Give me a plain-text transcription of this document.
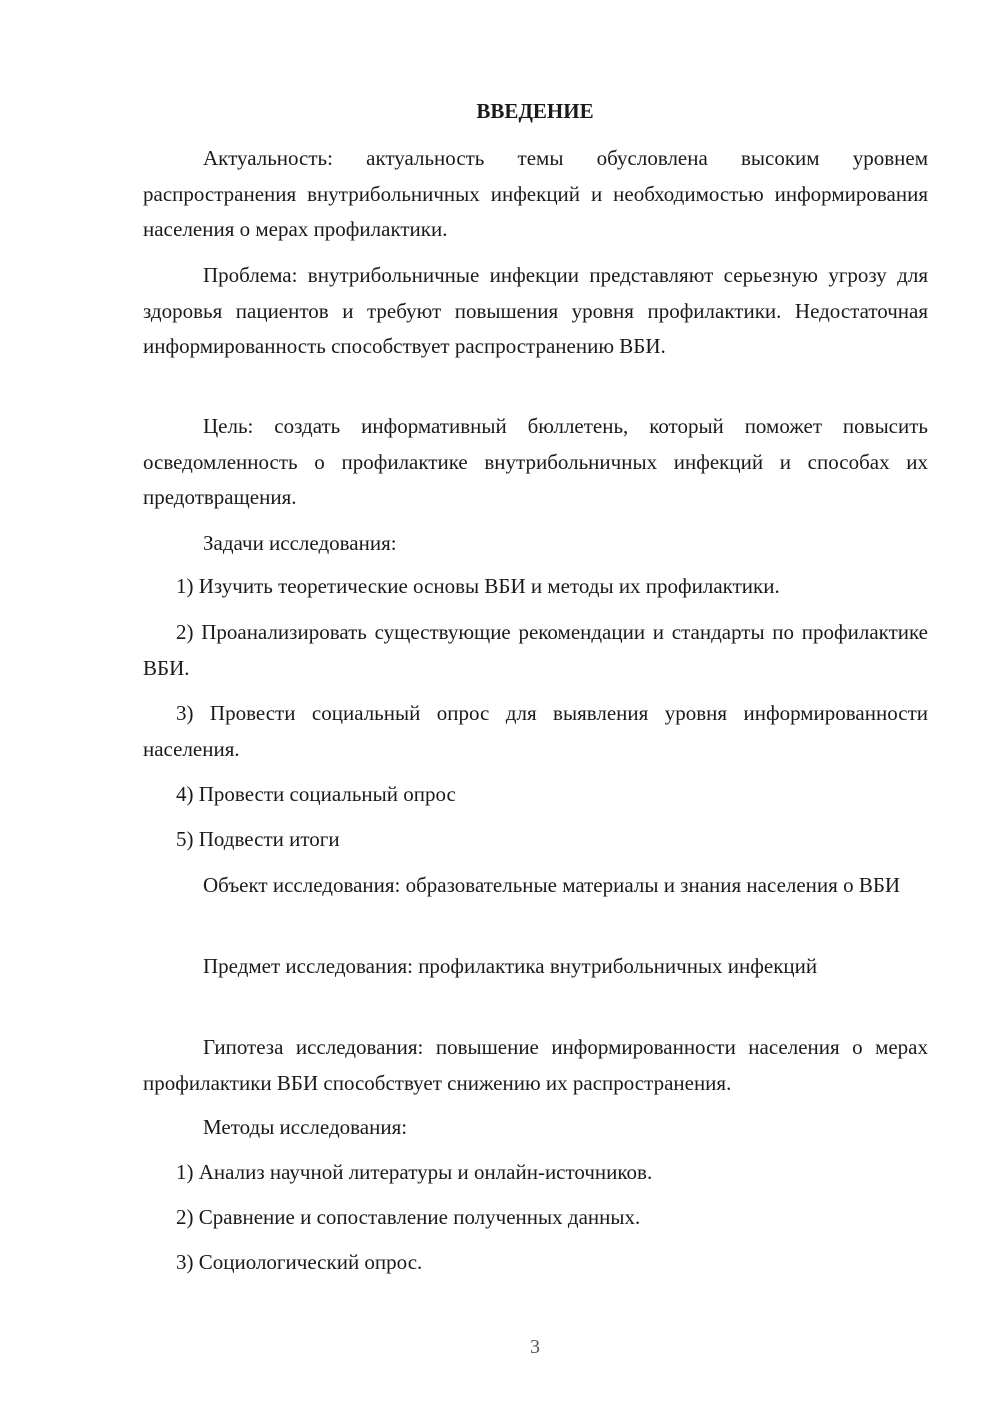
ВВЕДЕНИЕ

Актуальность: актуальность темы обусловлена высоким уровнем распространения внутрибольничных инфекций и необходимостью информирования населения о мерах профилактики.

Проблема: внутрибольничные инфекции представляют серьезную угрозу для здоровья пациентов и требуют повышения уровня профилактики. Недостаточная информированность способствует распространению ВБИ.

Цель: создать информативный бюллетень, который поможет повысить осведомленность о профилактике внутрибольничных инфекций и способах их предотвращения.

Задачи исследования:

1) Изучить теоретические основы ВБИ и методы их профилактики.

2) Проанализировать существующие рекомендации и стандарты по профилактике ВБИ.

3) Провести социальный опрос для выявления уровня информированности населения.

4) Провести социальный опрос

5) Подвести итоги

Объект исследования: образовательные материалы и знания населения о ВБИ

Предмет исследования: профилактика внутрибольничных инфекций

Гипотеза исследования: повышение информированности населения о мерах профилактики ВБИ способствует снижению их распространения.

Методы исследования:

1) Анализ научной литературы и онлайн-источников.

2) Сравнение и сопоставление полученных данных.

3) Социологический опрос.

3
